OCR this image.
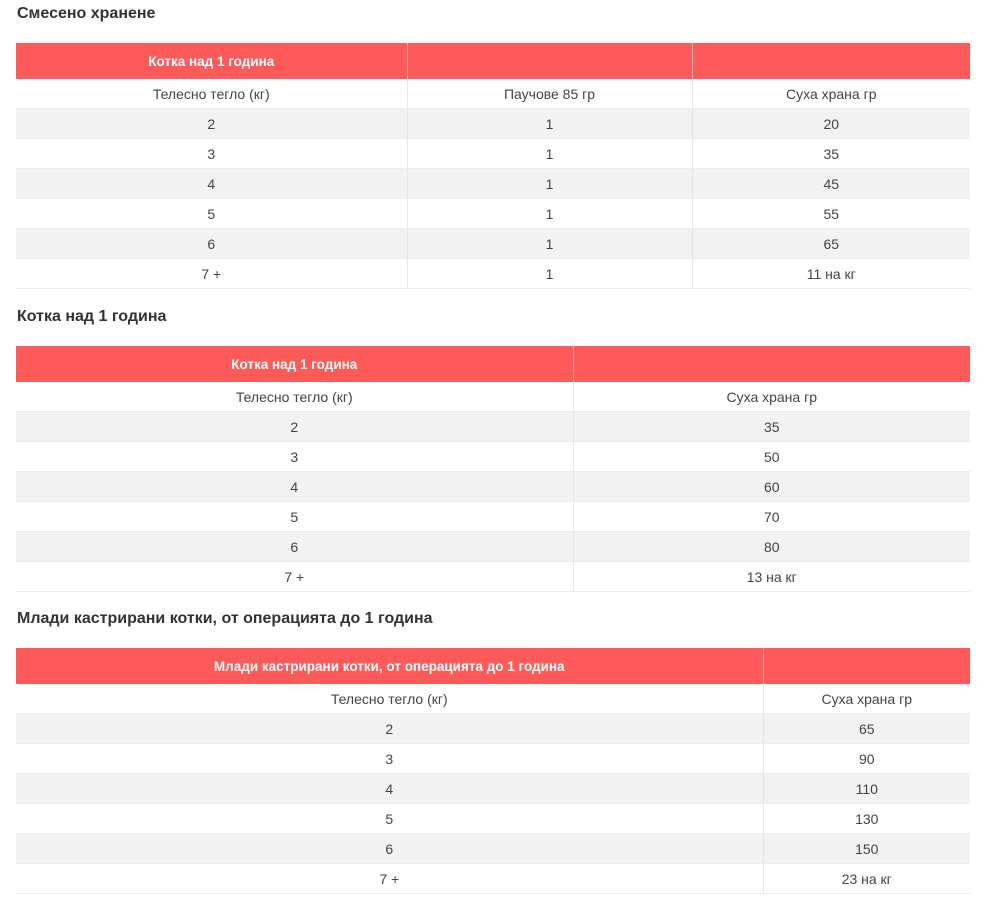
Смесено хранене
Котка над 1 година		
Телесно тегло (кг)	Пауч​ове 85 гр	Суха храна гр
2	1	20
3	1	35
4	1	45
5	1	55
6	1	65
7 +	1	11 на кг
Котка над 1 година
Котка над 1 година	
Телесно тегло (кг)	Суха храна гр
2	35
3	50
4	60
5	70
6	80
7 +	13 на кг
Млади кастрирани котки, от операцията до 1 година
Млади кастрирани котки, от операцията до 1 година	
Телесно тегло (кг)	Суха храна гр
2	65
3	90
4	110
5	130
6	150
7 +	23 на кг
